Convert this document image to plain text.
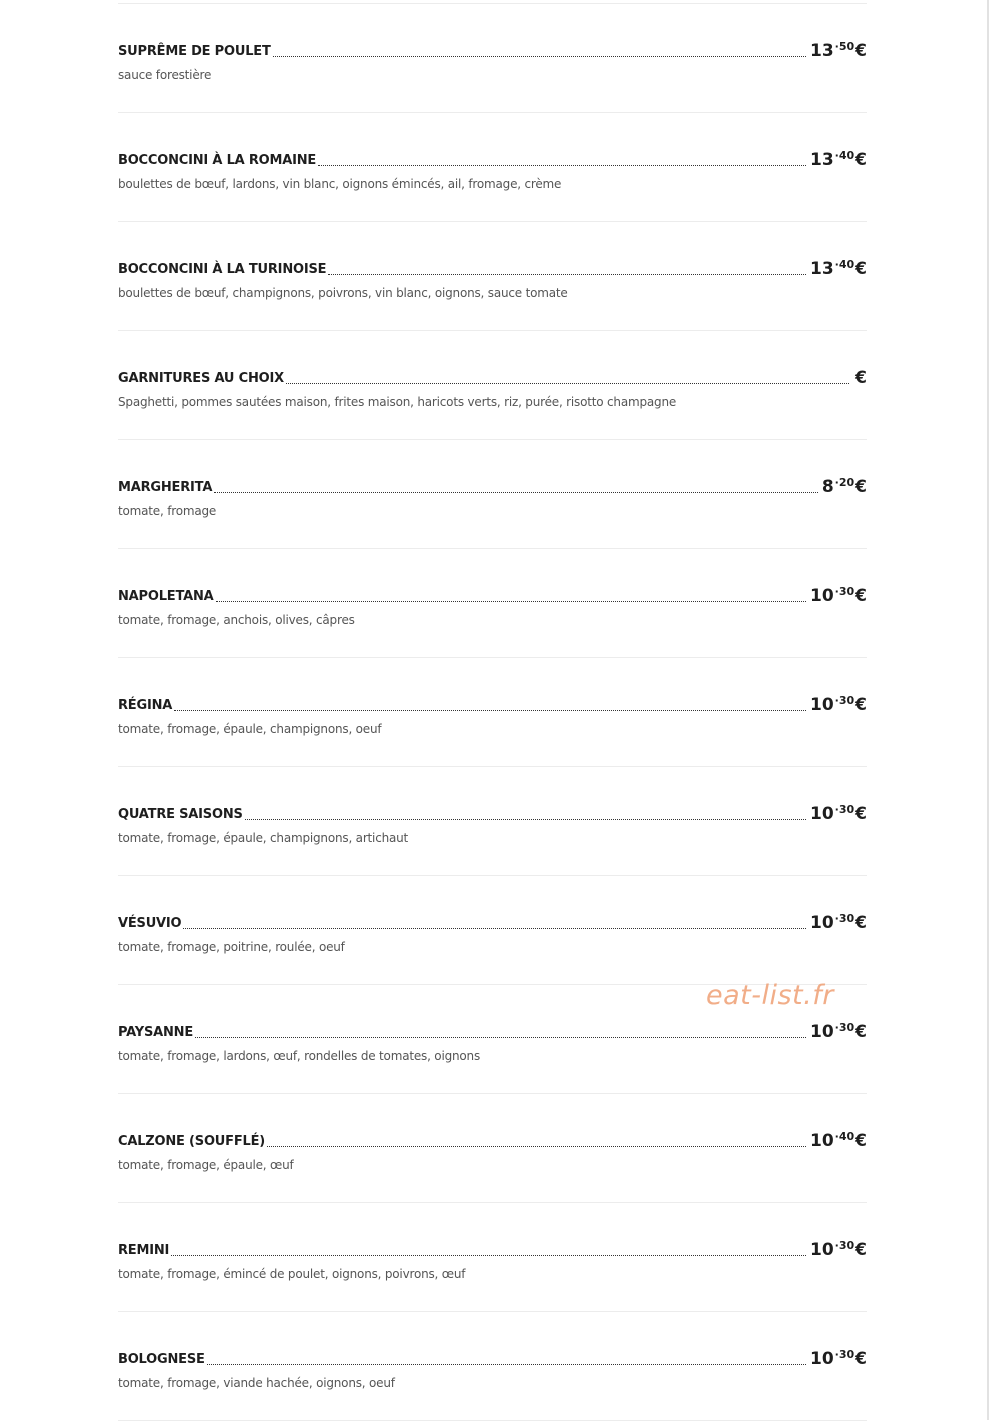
SUPRÊME DE POULET	$13^{\cdot 50}€$
sauce forestière
BOCCONCINI À LA ROMAINE	$13^{\cdot 40}€$
boulettes de bœuf, lardons, vin blanc, oignons émincés, ail, fromage, crème
BOCCONCINI À LA TURINOISE	$13^{\cdot 40}€$
boulettes de bœuf, champignons, poivrons, vin blanc, oignons, sauce tomate
GARNITURES AU CHOIX	€
Spaghetti, pommes sautées maison, frites maison, haricots verts, riz, purée, risotto champagne
MARGHERITA	$8^{\cdot 20}€$
tomate, fromage
NAPOLETANA	$10^{\cdot 30}€$
tomate, fromage, anchois, olives, câpres
RÉGINA	$10^{\cdot 30}€$
tomate, fromage, épaule, champignons, oeuf
QUATRE SAISONS	$10^{\cdot 30}€$
tomate, fromage, épaule, champignons, artichaut
VÉSUVIO	$10^{\cdot 30}€$
tomate, fromage, poitrine, roulée, oeuf
PAYSANNE	$10^{\cdot 30}€$
tomate, fromage, lardons, œuf, rondelles de tomates, oignons
CALZONE (SOUFFLÉ)	$10^{\cdot 40}€$
tomate, fromage, épaule, œuf
REMINI	$10^{\cdot 30}€$
tomate, fromage, émincé de poulet, oignons, poivrons, œuf
BOLOGNESE	$10^{\cdot 30}€$
tomate, fromage, viande hachée, oignons, oeuf
eat-list.fr
